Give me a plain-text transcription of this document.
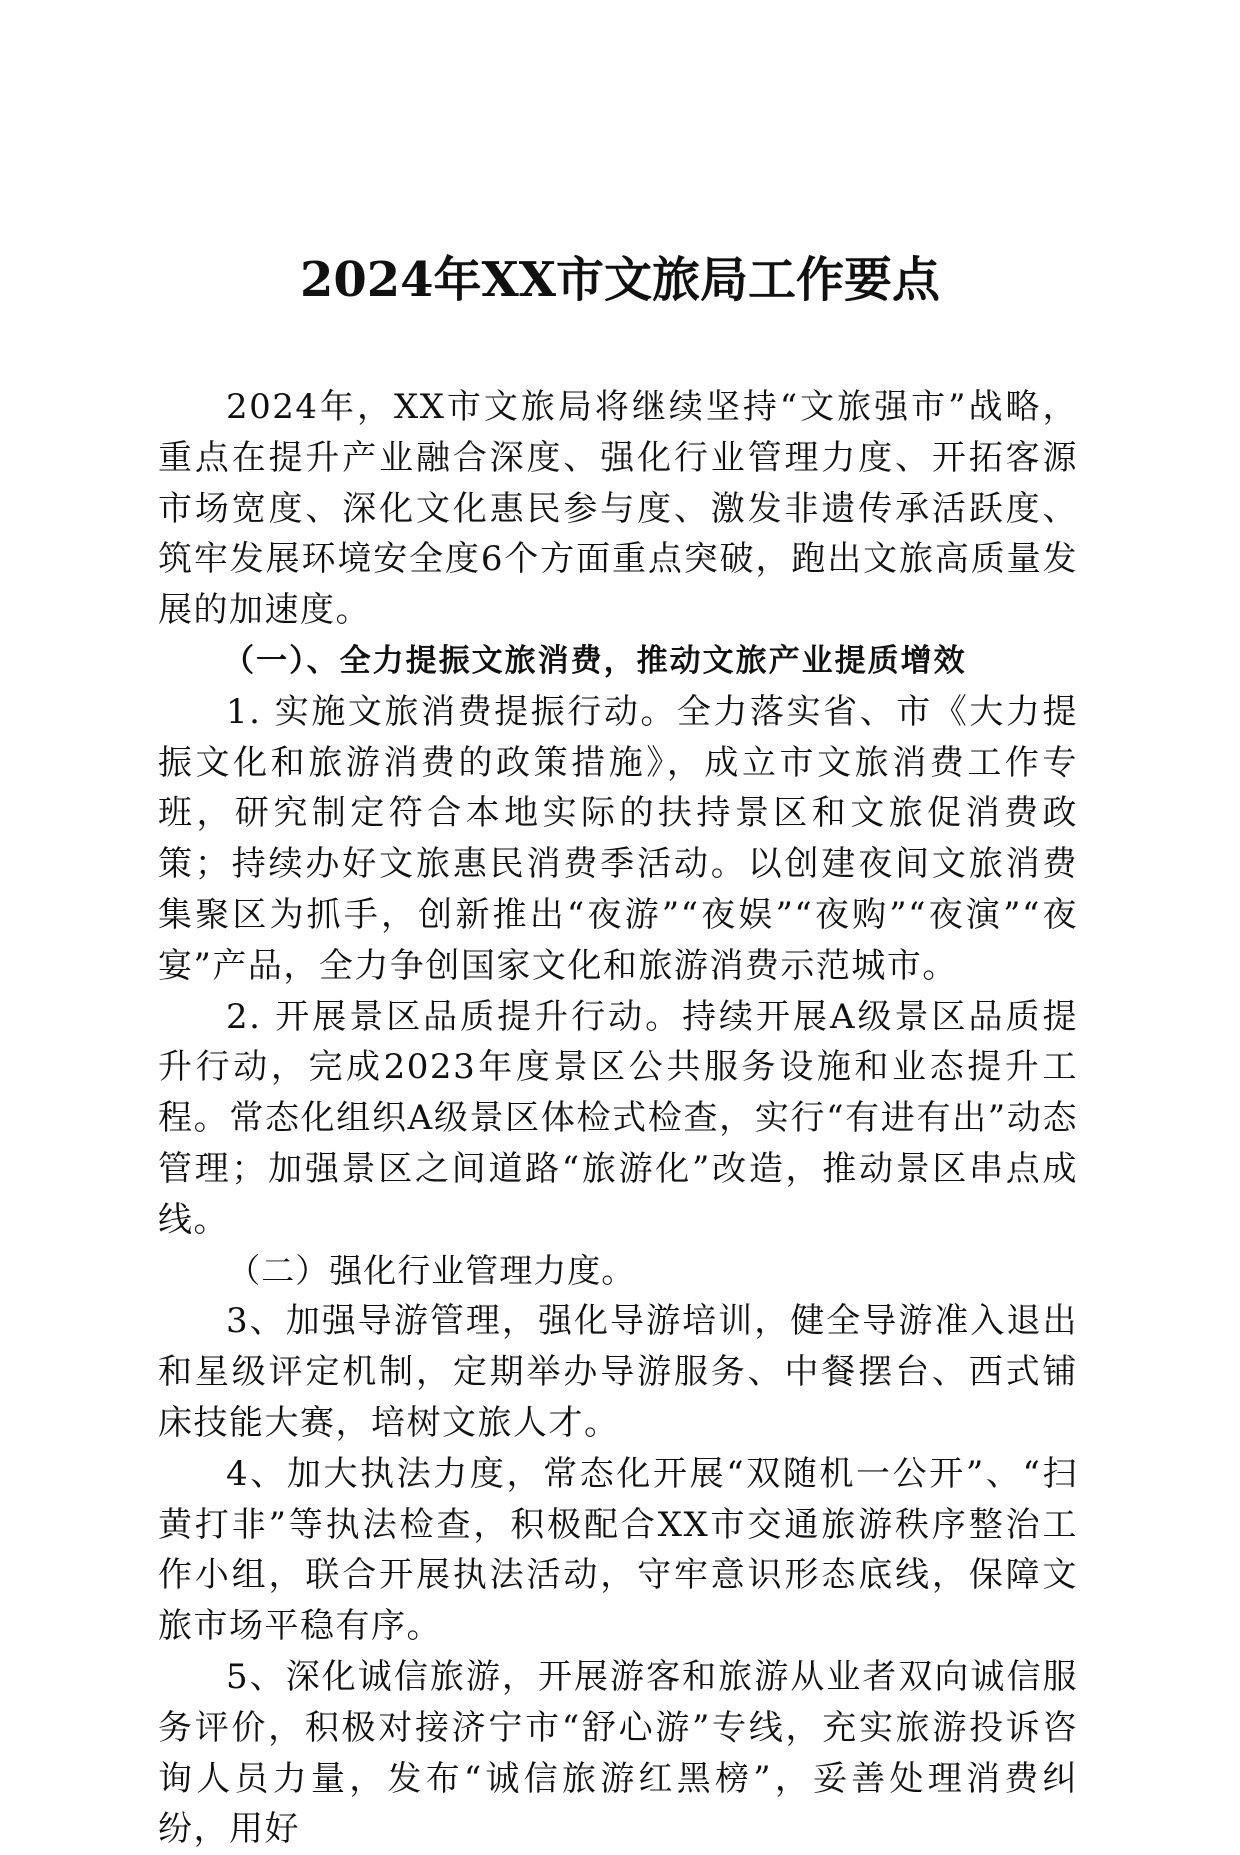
2024年XX市文旅局工作要点

2024年，XX市文旅局将继续坚持“文旅强市”战略，重点在提升产业融合深度、强化行业管理力度、开拓客源市场宽度、深化文化惠民参与度、激发非遗传承活跃度、筑牢发展环境安全度6个方面重点突破，跑出文旅高质量发展的加速度。

（一）、全力提振文旅消费，推动文旅产业提质增效

1. 实施文旅消费提振行动。全力落实省、市《大力提振文化和旅游消费的政策措施》，成立市文旅消费工作专班，研究制定符合本地实际的扶持景区和文旅促消费政策；持续办好文旅惠民消费季活动。以创建夜间文旅消费集聚区为抓手，创新推出“夜游”“夜娱”“夜购”“夜演”“夜宴”产品，全力争创国家文化和旅游消费示范城市。

2. 开展景区品质提升行动。持续开展A级景区品质提升行动，完成2023年度景区公共服务设施和业态提升工程。常态化组织A级景区体检式检查，实行“有进有出”动态管理；加强景区之间道路“旅游化”改造，推动景区串点成线。

（二）强化行业管理力度。

3、加强导游管理，强化导游培训，健全导游准入退出和星级评定机制，定期举办导游服务、中餐摆台、西式铺床技能大赛，培树文旅人才。

4、加大执法力度，常态化开展“双随机一公开”、“扫黄打非”等执法检查，积极配合XX市交通旅游秩序整治工作小组，联合开展执法活动，守牢意识形态底线，保障文旅市场平稳有序。

5、深化诚信旅游，开展游客和旅游从业者双向诚信服务评价，积极对接济宁市“舒心游”专线，充实旅游投诉咨询人员力量，发布“诚信旅游红黑榜”，妥善处理消费纠纷，用好
